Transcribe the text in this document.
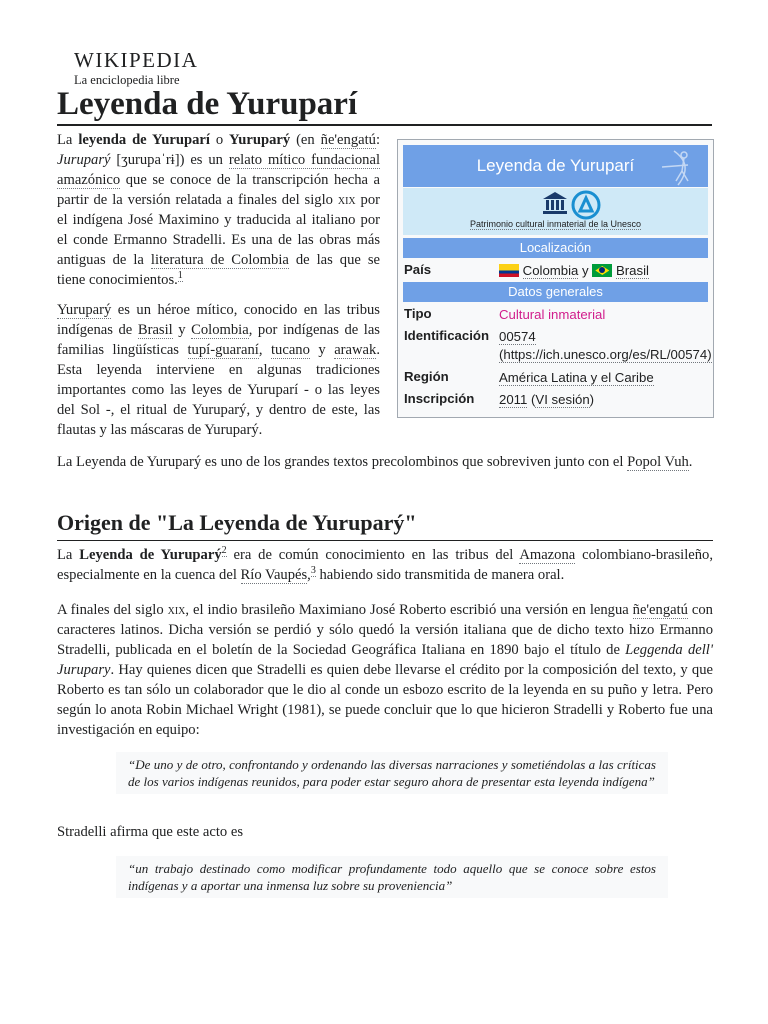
WIKIPEDIA
La enciclopedia libre
Leyenda de Yuruparí

La leyenda de Yuruparí o Yuruparý (en ñe'engatú: Juruparý [ʒurupaˈrɨ]) es un relato mítico fundacional amazónico que se conoce de la transcripción hecha a partir de la versión relatada a finales del siglo xix por el indígena José Maximino y traducida al italiano por el conde Ermanno Stradelli. Es una de las obras más antiguas de la literatura de Colombia de las que se tiene conocimientos.$^1$

Yuruparý es un héroe mítico, conocido en las tribus indígenas de Brasil y Colombia, por indígenas de las familias lingüísticas tupí-guaraní, tucano y arawak. Esta leyenda interviene en algunas tradiciones importantes como las leyes de Yuruparí - o las leyes del Sol -, el ritual de Yuruparý, y dentro de este, las flautas y las máscaras de Yuruparý.

La Leyenda de Yuruparý es uno de los grandes textos precolombinos que sobreviven junto con el Popol Vuh.

Leyenda de Yuruparí
Patrimonio cultural inmaterial de la Unesco
Localización
País	Colombia y  Brasil
Datos generales
Tipo	Cultural inmaterial
Identificación 00574 (https://ich.unesco.org/es/RL/00574)
Región	América Latina y el Caribe
Inscripción 2011 (VI sesión)
Origen de "La Leyenda de Yuruparý"

La Leyenda de Yuruparý$^2$ era de común conocimiento en las tribus del Amazona colombiano-brasileño, especialmente en la cuenca del Río Vaupés,$^3$ habiendo sido transmitida de manera oral.

A finales del siglo xix, el indio brasileño Maximiano José Roberto escribió una versión en lengua ñe'engatú con caracteres latinos. Dicha versión se perdió y sólo quedó la versión italiana que de dicho texto hizo Ermanno Stradelli, publicada en el boletín de la Sociedad Geográfica Italiana en 1890 bajo el título de Leggenda dell' Jurupary. Hay quienes dicen que Stradelli es quien debe llevarse el crédito por la composición del texto, y que Roberto es tan sólo un colaborador que le dio al conde un esbozo escrito de la leyenda en su puño y letra. Pero según lo anota Robin Michael Wright (1981), se puede concluir que lo que hicieron Stradelli y Roberto fue una investigación en equipo:

“De uno y de otro, confrontando y ordenando las diversas narraciones y sometiéndolas a las críticas de los varios indígenas reunidos, para poder estar seguro ahora de presentar esta leyenda indígena”

Stradelli afirma que este acto es

“un trabajo destinado como modificar profundamente todo aquello que se conoce sobre estos indígenas y a aportar una inmensa luz sobre su proveniencia”
